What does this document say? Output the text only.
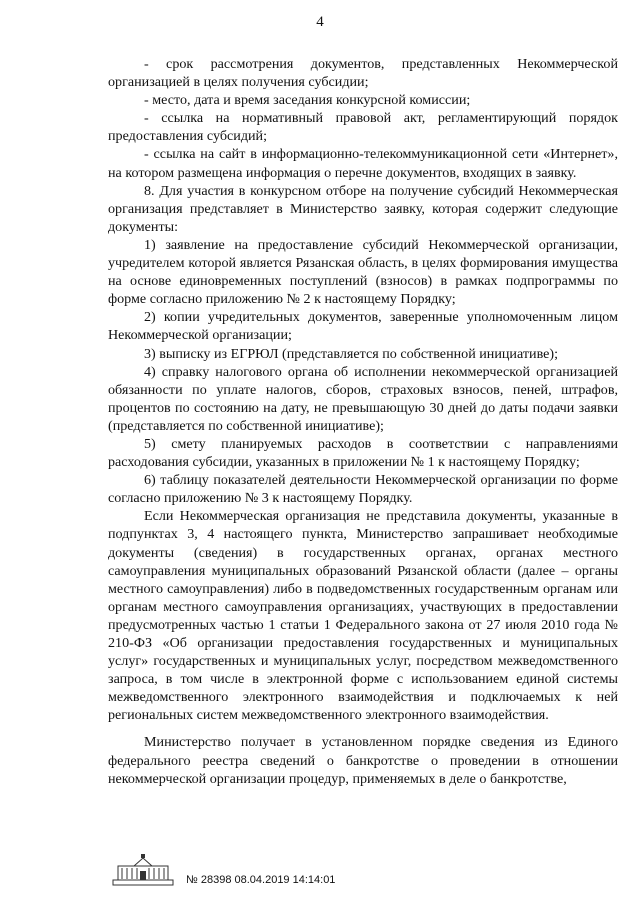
4

- срок рассмотрения документов, представленных Некоммерческой организацией в целях получения субсидии;

- место, дата и время заседания конкурсной комиссии;

- ссылка на нормативный правовой акт, регламентирующий порядок предоставления субсидий;

- ссылка на сайт в информационно-телекоммуникационной сети «Интернет», на котором размещена информация о перечне документов, входящих в заявку.

8. Для участия в конкурсном отборе на получение субсидий Некоммерческая организация представляет в Министерство заявку, которая содержит следующие документы:

1) заявление на предоставление субсидий Некоммерческой организации, учредителем которой является Рязанская область, в целях формирования имущества на основе единовременных поступлений (взносов) в рамках подпрограммы по форме согласно приложению № 2 к настоящему Порядку;

2) копии учредительных документов, заверенные уполномоченным лицом Некоммерческой организации;

3) выписку из ЕГРЮЛ (представляется по собственной инициативе);

4) справку налогового органа об исполнении некоммерческой организацией обязанности по уплате налогов, сборов, страховых взносов, пеней, штрафов, процентов по состоянию на дату, не превышающую 30 дней до даты подачи заявки (представляется по собственной инициативе);

5) смету планируемых расходов в соответствии с направлениями расходования субсидии, указанных в приложении № 1 к настоящему Порядку;

6) таблицу показателей деятельности Некоммерческой организации по форме согласно приложению № 3 к настоящему Порядку.

Если Некоммерческая организация не представила документы, указанные в подпунктах 3, 4 настоящего пункта, Министерство запрашивает необходимые документы (сведения) в государственных органах, органах местного самоуправления муниципальных образований Рязанской области (далее – органы местного самоуправления) либо в подведомственных государственным органам или органам местного самоуправления организациях, участвующих в предоставлении предусмотренных частью 1 статьи 1 Федерального закона от 27 июля 2010 года № 210-ФЗ «Об организации предоставления государственных и муниципальных услуг» государственных и муниципальных услуг, посредством межведомственного запроса, в том числе в электронной форме с использованием единой системы межведомственного электронного взаимодействия и подключаемых к ней региональных систем межведомственного электронного взаимодействия.

Министерство получает в установленном порядке сведения из Единого федерального реестра сведений о банкротстве о проведении в отношении некоммерческой организации процедур, применяемых в деле о банкротстве,

№ 28398 08.04.2019 14:14:01
